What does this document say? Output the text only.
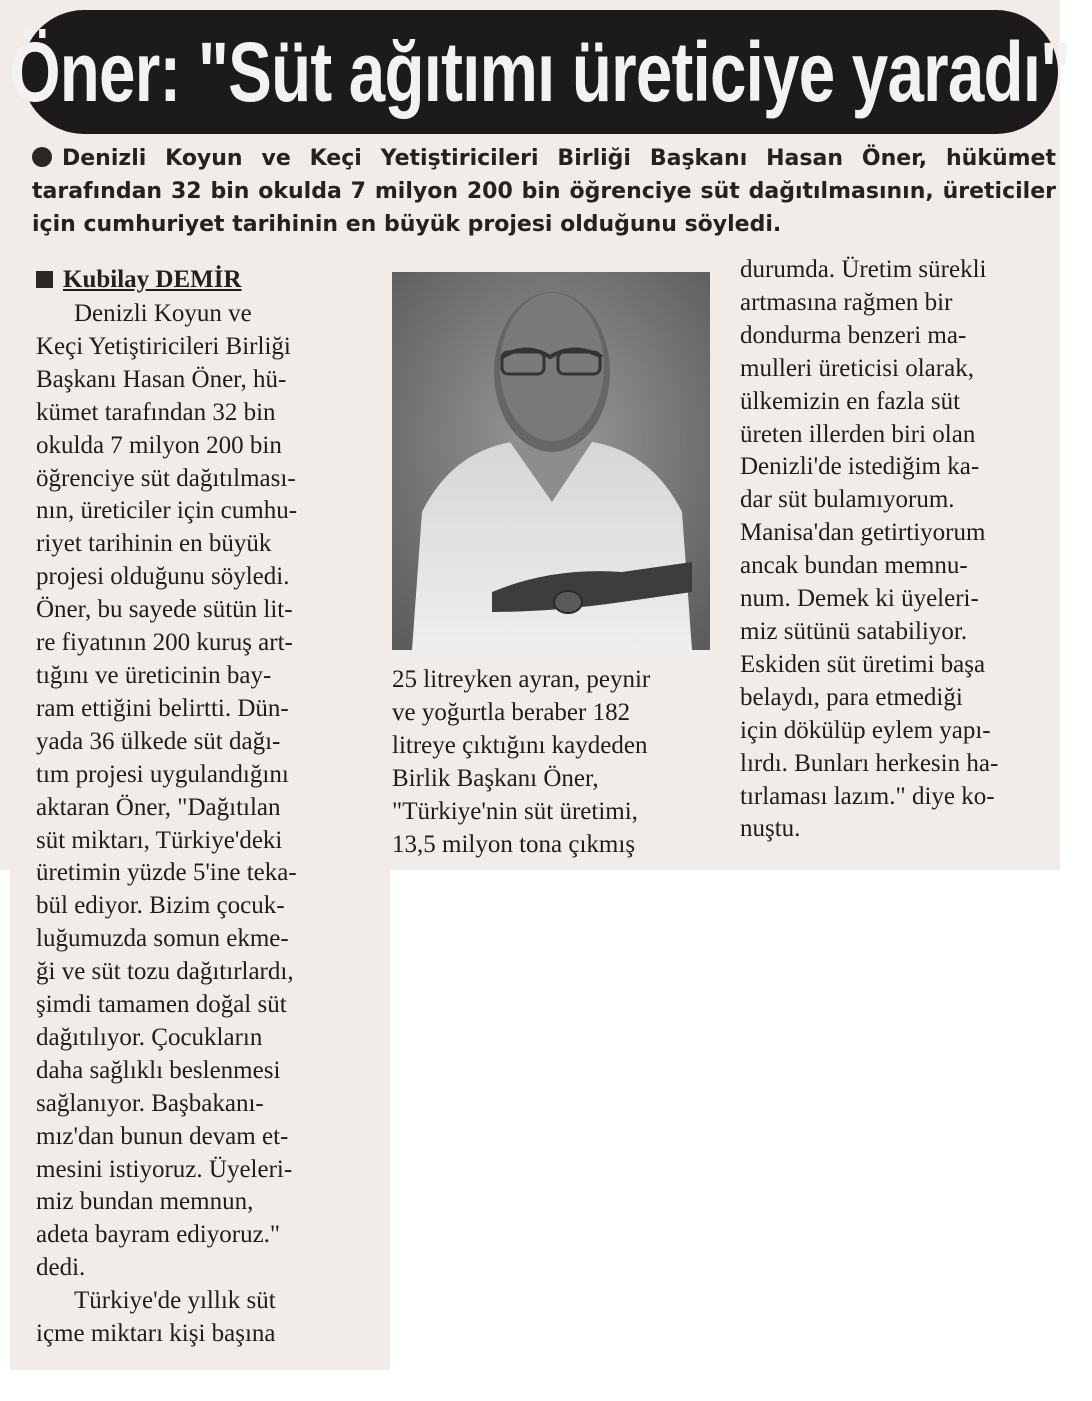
Öner: "Süt ağıtımı üreticiye yaradı"
Denizli Koyun ve Keçi Yetiştiricileri Birliği Başkanı Hasan Öner, hükümet tarafından 32 bin okulda 7 milyon 200 bin öğrenciye süt dağıtılmasının, üreticiler için cumhuriyet tarihinin en büyük projesi olduğunu söyledi.
Kubilay DEMİR

Denizli Koyun ve

Keçi Yetiştiricileri Birliği

Başkanı Hasan Öner, hü-

kümet tarafından 32 bin

okulda 7 milyon 200 bin

öğrenciye süt dağıtılması-

nın, üreticiler için cumhu-

riyet tarihinin en büyük

projesi olduğunu söyledi.

Öner, bu sayede sütün lit-

re fiyatının 200 kuruş art-

tığını ve üreticinin bay-

ram ettiğini belirtti. Dün-

yada 36 ülkede süt dağı-

tım projesi uygulandığını

aktaran Öner, "Dağıtılan

süt miktarı, Türkiye'deki

üretimin yüzde 5'ine teka-

bül ediyor. Bizim çocuk-

luğumuzda somun ekme-

ği ve süt tozu dağıtırlardı,

şimdi tamamen doğal süt

dağıtılıyor. Çocukların

daha sağlıklı beslenmesi

sağlanıyor. Başbakanı-

mız'dan bunun devam et-

mesini istiyoruz. Üyeleri-

miz bundan memnun,

adeta bayram ediyoruz."

dedi.

Türkiye'de yıllık süt

içme miktarı kişi başına

25 litreyken ayran, peynir

ve yoğurtla beraber 182

litreye çıktığını kaydeden

Birlik Başkanı Öner,

"Türkiye'nin süt üretimi,

13,5 milyon tona çıkmış

durumda. Üretim sürekli

artmasına rağmen bir

dondurma benzeri ma-

mulleri üreticisi olarak,

ülkemizin en fazla süt

üreten illerden biri olan

Denizli'de istediğim ka-

dar süt bulamıyorum.

Manisa'dan getirtiyorum

ancak bundan memnu-

num. Demek ki üyeleri-

miz sütünü satabiliyor.

Eskiden süt üretimi başa

belaydı, para etmediği

için dökülüp eylem yapı-

lırdı. Bunları herkesin ha-

tırlaması lazım." diye ko-

nuştu.
